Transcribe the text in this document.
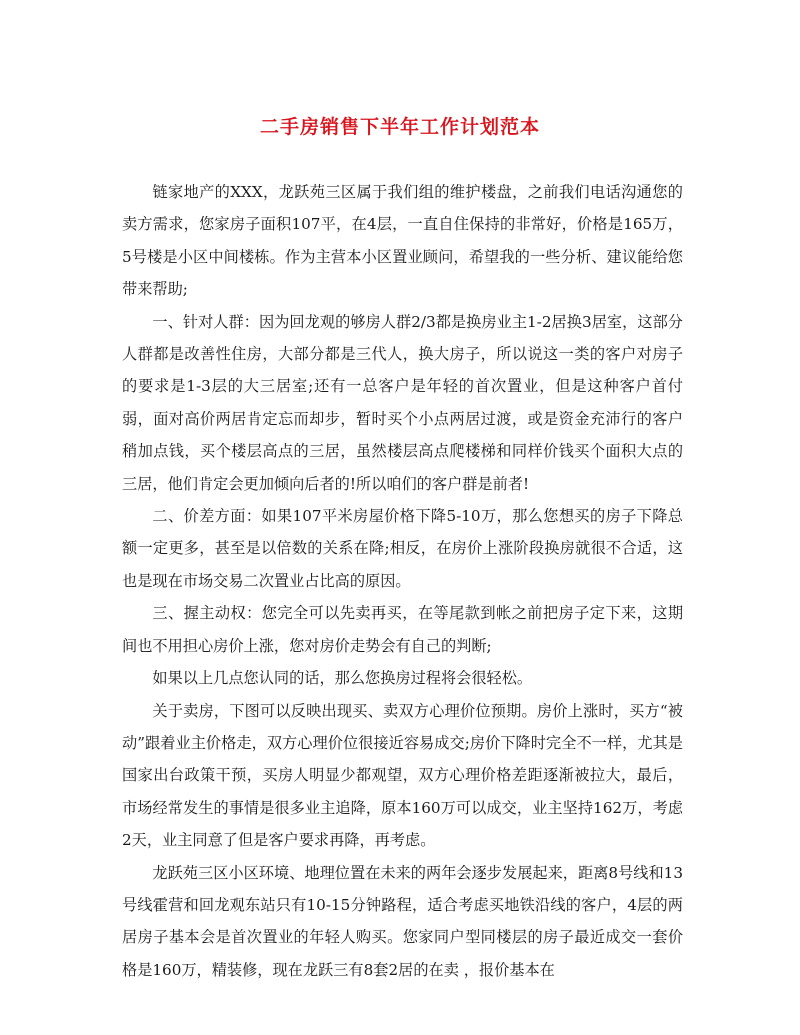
二手房销售下半年工作计划范本

链家地产的XXX，龙跃苑三区属于我们组的维护楼盘，之前我们电话沟通您的卖方需求，您家房子面积107平，在4层，一直自住保持的非常好，价格是165万，5号楼是小区中间楼栋。作为主营本小区置业顾问，希望我的一些分析、建议能给您带来帮助;

一、针对人群：因为回龙观的够房人群2/3都是换房业主1-2居换3居室，这部分人群都是改善性住房，大部分都是三代人，换大房子，所以说这一类的客户对房子的要求是1-3层的大三居室;还有一总客户是年轻的首次置业，但是这种客户首付弱，面对高价两居肯定忘而却步，暂时买个小点两居过渡，或是资金充沛行的客户稍加点钱，买个楼层高点的三居，虽然楼层高点爬楼梯和同样价钱买个面积大点的三居，他们肯定会更加倾向后者的!所以咱们的客户群是前者!

二、价差方面：如果107平米房屋价格下降5-10万，那么您想买的房子下降总额一定更多，甚至是以倍数的关系在降;相反，在房价上涨阶段换房就很不合适，这也是现在市场交易二次置业占比高的原因。

三、握主动权：您完全可以先卖再买，在等尾款到帐之前把房子定下来，这期间也不用担心房价上涨，您对房价走势会有自己的判断;

如果以上几点您认同的话，那么您换房过程将会很轻松。

关于卖房，下图可以反映出现买、卖双方心理价位预期。房价上涨时，买方“被动”跟着业主价格走，双方心理价位很接近容易成交;房价下降时完全不一样，尤其是国家出台政策干预，买房人明显少都观望，双方心理价格差距逐渐被拉大，最后，市场经常发生的事情是很多业主追降，原本160万可以成交，业主坚持162万，考虑2天，业主同意了但是客户要求再降，再考虑。

龙跃苑三区小区环境、地理位置在未来的两年会逐步发展起来，距离8号线和13号线霍营和回龙观东站只有10-15分钟路程，适合考虑买地铁沿线的客户，4层的两居房子基本会是首次置业的年轻人购买。您家同户型同楼层的房子最近成交一套价格是160万，精装修，现在龙跃三有8套2居的在卖 ，报价基本在
